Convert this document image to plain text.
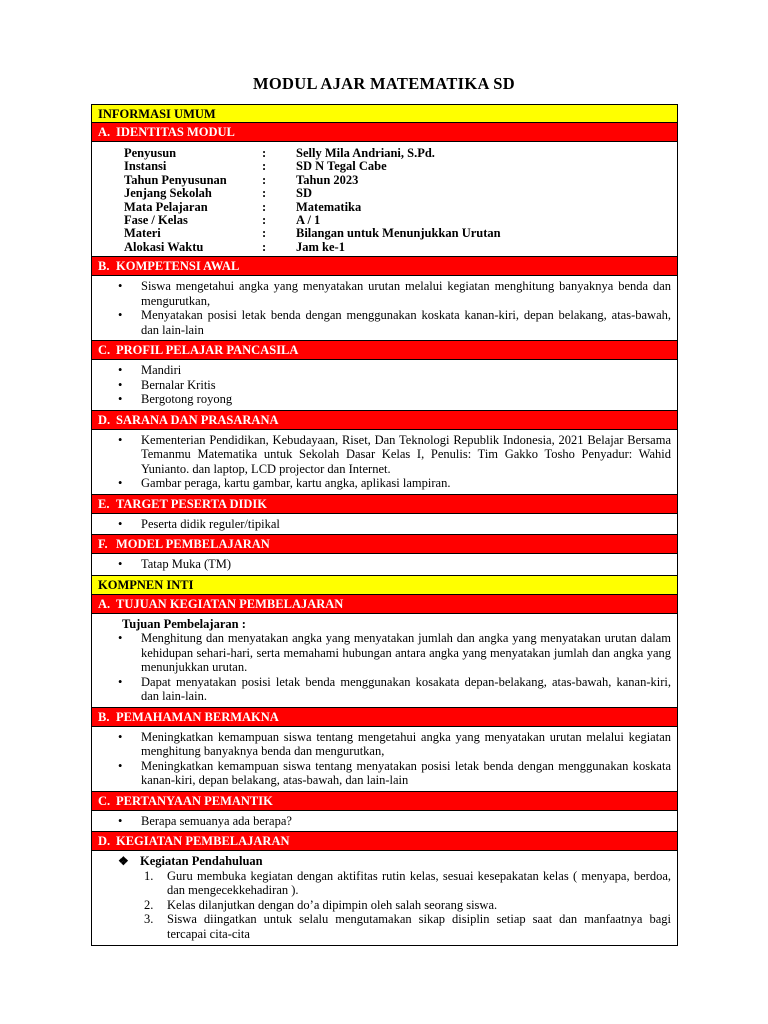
MODUL AJAR MATEMATIKA SD
INFORMASI UMUM
A. IDENTITAS MODUL
Penyusun	:	Selly Mila Andriani, S.Pd.
Instansi	:	SD N Tegal Cabe
Tahun Penyusunan	:	Tahun 2023
Jenjang Sekolah	:	SD
Mata Pelajaran	:	Matematika
Fase / Kelas	:	A / 1
Materi	:	Bilangan untuk Menunjukkan Urutan
Alokasi Waktu	:	Jam ke-1
B. KOMPETENSI AWAL
• Siswa mengetahui angka yang menyatakan urutan melalui kegiatan menghitung banyaknya benda dan mengurutkan,
• Menyatakan posisi letak benda dengan menggunakan koskata kanan-kiri, depan belakang, atas-bawah, dan lain-lain
C. PROFIL PELAJAR PANCASILA
• Mandiri
• Bernalar Kritis
• Bergotong royong
D. SARANA DAN PRASARANA
• Kementerian Pendidikan, Kebudayaan, Riset, Dan Teknologi Republik Indonesia, 2021 Belajar Bersama Temanmu Matematika untuk Sekolah Dasar Kelas I, Penulis: Tim Gakko Tosho Penyadur: Wahid Yunianto. dan laptop, LCD projector dan Internet.
• Gambar peraga, kartu gambar, kartu angka, aplikasi lampiran.
E. TARGET PESERTA DIDIK
• Peserta didik reguler/tipikal
F. MODEL PEMBELAJARAN
• Tatap Muka (TM)
KOMPNEN INTI
A. TUJUAN KEGIATAN PEMBELAJARAN
Tujuan Pembelajaran :
• Menghitung dan menyatakan angka yang menyatakan jumlah dan angka yang menyatakan urutan dalam kehidupan sehari-hari, serta memahami hubungan antara angka yang menyatakan jumlah dan angka yang menunjukkan urutan.
• Dapat menyatakan posisi letak benda menggunakan kosakata depan-belakang, atas-bawah, kanan-kiri, dan lain-lain.
B. PEMAHAMAN BERMAKNA
• Meningkatkan kemampuan siswa tentang mengetahui angka yang menyatakan urutan melalui kegiatan menghitung banyaknya benda dan mengurutkan,
• Meningkatkan kemampuan siswa tentang menyatakan posisi letak benda dengan menggunakan koskata kanan-kiri, depan belakang, atas-bawah, dan lain-lain
C. PERTANYAAN PEMANTIK
• Berapa semuanya ada berapa?
D. KEGIATAN PEMBELAJARAN
❖ Kegiatan Pendahuluan
1. Guru membuka kegiatan dengan aktifitas rutin kelas, sesuai kesepakatan kelas ( menyapa, berdoa, dan mengecekkehadiran ).
2. Kelas dilanjutkan dengan do’a dipimpin oleh salah seorang siswa.
3. Siswa diingatkan untuk selalu mengutamakan sikap disiplin setiap saat dan manfaatnya bagi tercapai cita-cita
